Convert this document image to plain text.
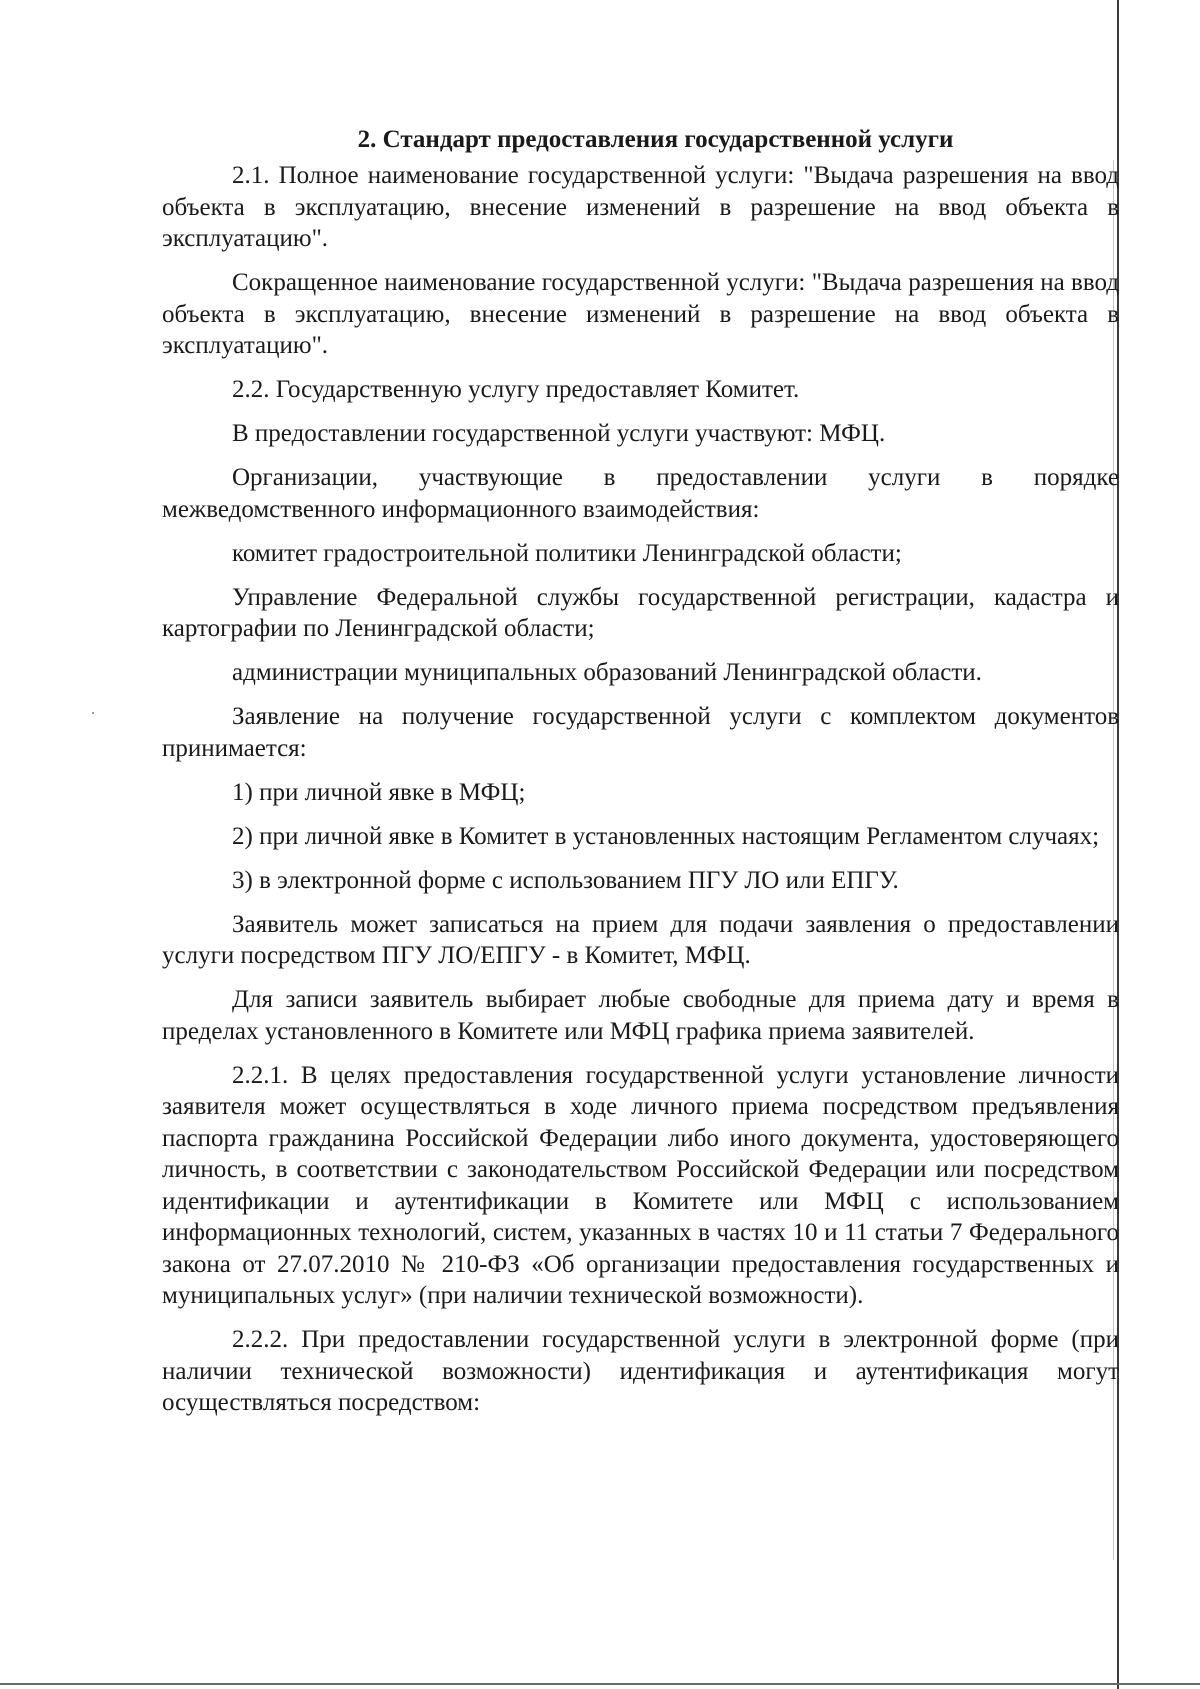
2. Стандарт предоставления государственной услуги

2.1. Полное наименование государственной услуги: "Выдача разрешения на ввод объекта в эксплуатацию, внесение изменений в разрешение на ввод объекта в эксплуатацию".

Сокращенное наименование государственной услуги: "Выдача разрешения на ввод объекта в эксплуатацию, внесение изменений в разрешение на ввод объекта в эксплуатацию".

2.2. Государственную услугу предоставляет Комитет.

В предоставлении государственной услуги участвуют: МФЦ.

Организации, участвующие в предоставлении услуги в порядке межведомственного информационного взаимодействия:

комитет градостроительной политики Ленинградской области;

Управление Федеральной службы государственной регистрации, кадастра и картографии по Ленинградской области;

администрации муниципальных образований Ленинградской области.

Заявление на получение государственной услуги с комплектом документов принимается:

1) при личной явке в МФЦ;

2) при личной явке в Комитет в установленных настоящим Регламентом случаях;

3) в электронной форме с использованием ПГУ ЛО или ЕПГУ.

Заявитель может записаться на прием для подачи заявления о предоставлении услуги посредством ПГУ ЛО/ЕПГУ - в Комитет, МФЦ.

Для записи заявитель выбирает любые свободные для приема дату и время в пределах установленного в Комитете или МФЦ графика приема заявителей.

2.2.1. В целях предоставления государственной услуги установление личности заявителя может осуществляться в ходе личного приема посредством предъявления паспорта гражданина Российской Федерации либо иного документа, удостоверяющего личность, в соответствии с законодательством Российской Федерации или посредством идентификации и аутентификации в Комитете или МФЦ с использованием информационных технологий, систем, указанных в частях 10 и 11 статьи 7 Федерального закона от 27.07.2010 № 210-ФЗ «Об организации предоставления государственных и муниципальных услуг» (при наличии технической возможности).

2.2.2. При предоставлении государственной услуги в электронной форме (при наличии технической возможности) идентификация и аутентификация могут осуществляться посредством:
